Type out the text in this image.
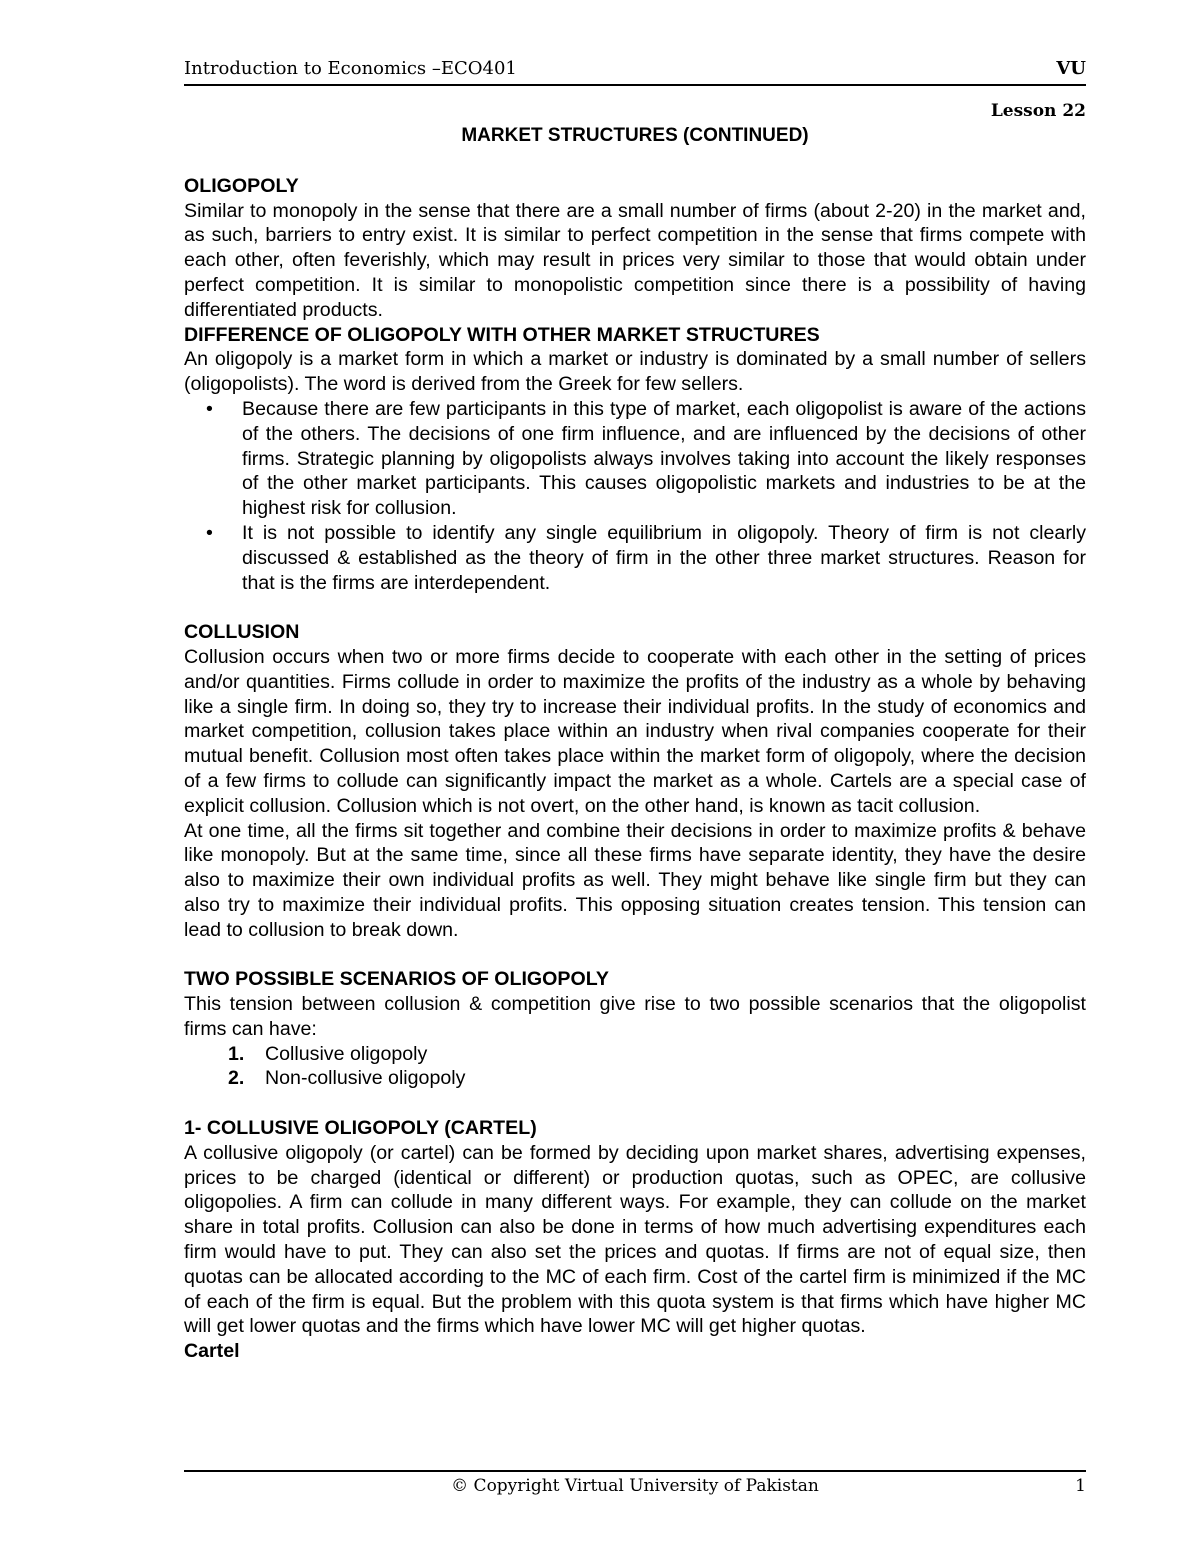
Introduction to Economics –ECO401	VU
Lesson 22
MARKET STRUCTURES (CONTINUED)
OLIGOPOLY

Similar to monopoly in the sense that there are a small number of firms (about 2-20) in the market and, as such, barriers to entry exist. It is similar to perfect competition in the sense that firms compete with each other, often feverishly, which may result in prices very similar to those that would obtain under perfect competition. It is similar to monopolistic competition since there is a possibility of having differentiated products.

DIFFERENCE OF OLIGOPOLY WITH OTHER MARKET STRUCTURES

An oligopoly is a market form in which a market or industry is dominated by a small number of sellers (oligopolists). The word is derived from the Greek for few sellers.

• Because there are few participants in this type of market, each oligopolist is aware of the actions of the others. The decisions of one firm influence, and are influenced by the decisions of other firms. Strategic planning by oligopolists always involves taking into account the likely responses of the other market participants. This causes oligopolistic markets and industries to be at the highest risk for collusion.
• It is not possible to identify any single equilibrium in oligopoly. Theory of firm is not clearly discussed & established as the theory of firm in the other three market structures. Reason for that is the firms are interdependent.
COLLUSION

Collusion occurs when two or more firms decide to cooperate with each other in the setting of prices and/or quantities. Firms collude in order to maximize the profits of the industry as a whole by behaving like a single firm. In doing so, they try to increase their individual profits. In the study of economics and market competition, collusion takes place within an industry when rival companies cooperate for their mutual benefit. Collusion most often takes place within the market form of oligopoly, where the decision of a few firms to collude can significantly impact the market as a whole. Cartels are a special case of explicit collusion. Collusion which is not overt, on the other hand, is known as tacit collusion.

At one time, all the firms sit together and combine their decisions in order to maximize profits & behave like monopoly. But at the same time, since all these firms have separate identity, they have the desire also to maximize their own individual profits as well. They might behave like single firm but they can also try to maximize their individual profits. This opposing situation creates tension. This tension can lead to collusion to break down.

TWO POSSIBLE SCENARIOS OF OLIGOPOLY

This tension between collusion & competition give rise to two possible scenarios that the oligopolist firms can have:

1. Collusive oligopoly
2. Non-collusive oligopoly
1- COLLUSIVE OLIGOPOLY (CARTEL)

A collusive oligopoly (or cartel) can be formed by deciding upon market shares, advertising expenses, prices to be charged (identical or different) or production quotas, such as OPEC, are collusive oligopolies. A firm can collude in many different ways. For example, they can collude on the market share in total profits. Collusion can also be done in terms of how much advertising expenditures each firm would have to put. They can also set the prices and quotas. If firms are not of equal size, then quotas can be allocated according to the MC of each firm. Cost of the cartel firm is minimized if the MC of each of the firm is equal. But the problem with this quota system is that firms which have higher MC will get lower quotas and the firms which have lower MC will get higher quotas.

Cartel
© Copyright Virtual University of Pakistan	1
